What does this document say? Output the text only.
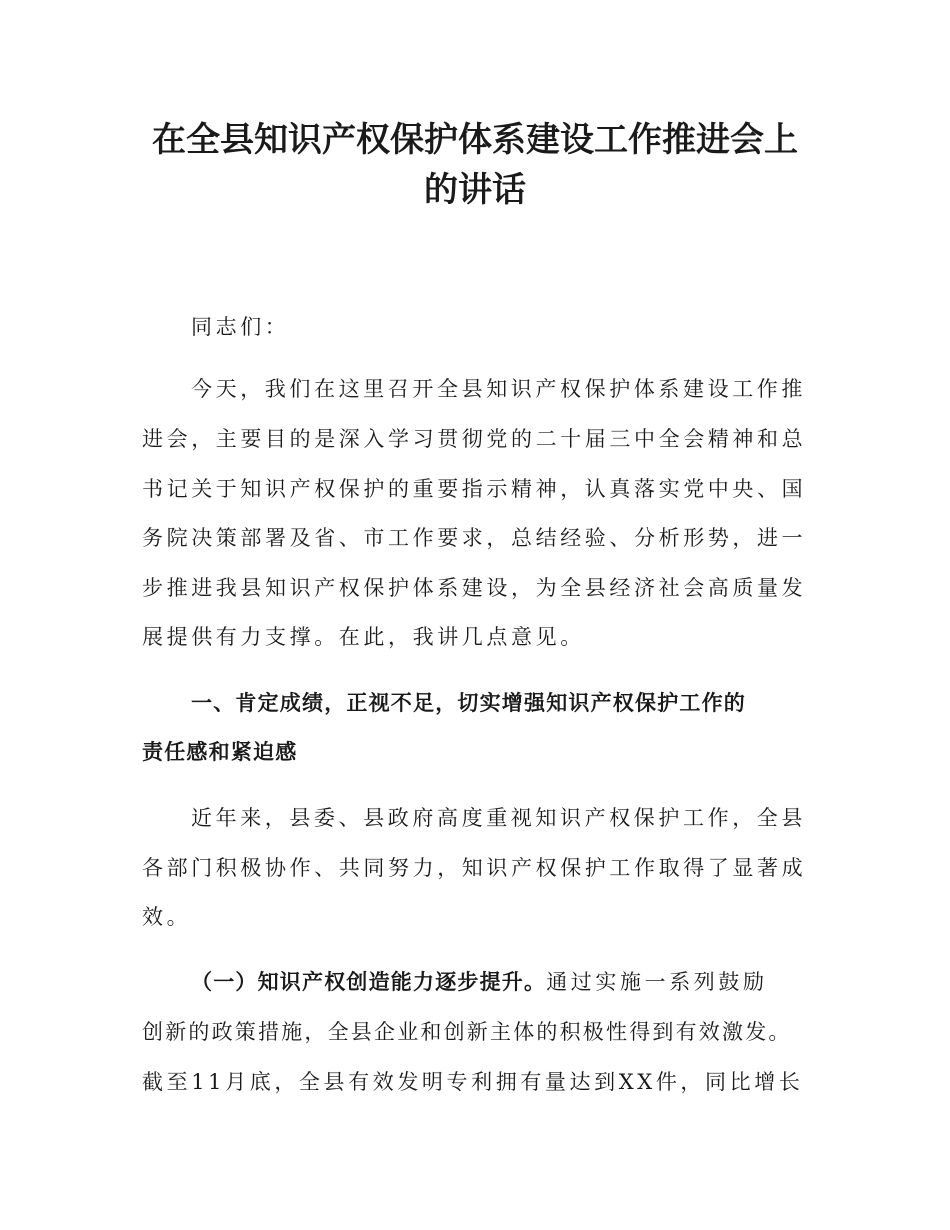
在全县知识产权保护体系建设工作推进会上
的讲话

同志们：

今天，我们在这里召开全县知识产权保护体系建设工作推

进会，主要目的是深入学习贯彻党的二十届三中全会精神和总

书记关于知识产权保护的重要指示精神，认真落实党中央、国

务院决策部署及省、市工作要求，总结经验、分析形势，进一

步推进我县知识产权保护体系建设，为全县经济社会高质量发

展提供有力支撑。在此，我讲几点意见。

一、肯定成绩，正视不足，切实增强知识产权保护工作的

责任感和紧迫感

近年来，县委、县政府高度重视知识产权保护工作，全县

各部门积极协作、共同努力，知识产权保护工作取得了显著成

效。

（一）知识产权创造能力逐步提升。通过实施一系列鼓励

创新的政策措施，全县企业和创新主体的积极性得到有效激发。

截至11月底，全县有效发明专利拥有量达到XX件，同比增长
